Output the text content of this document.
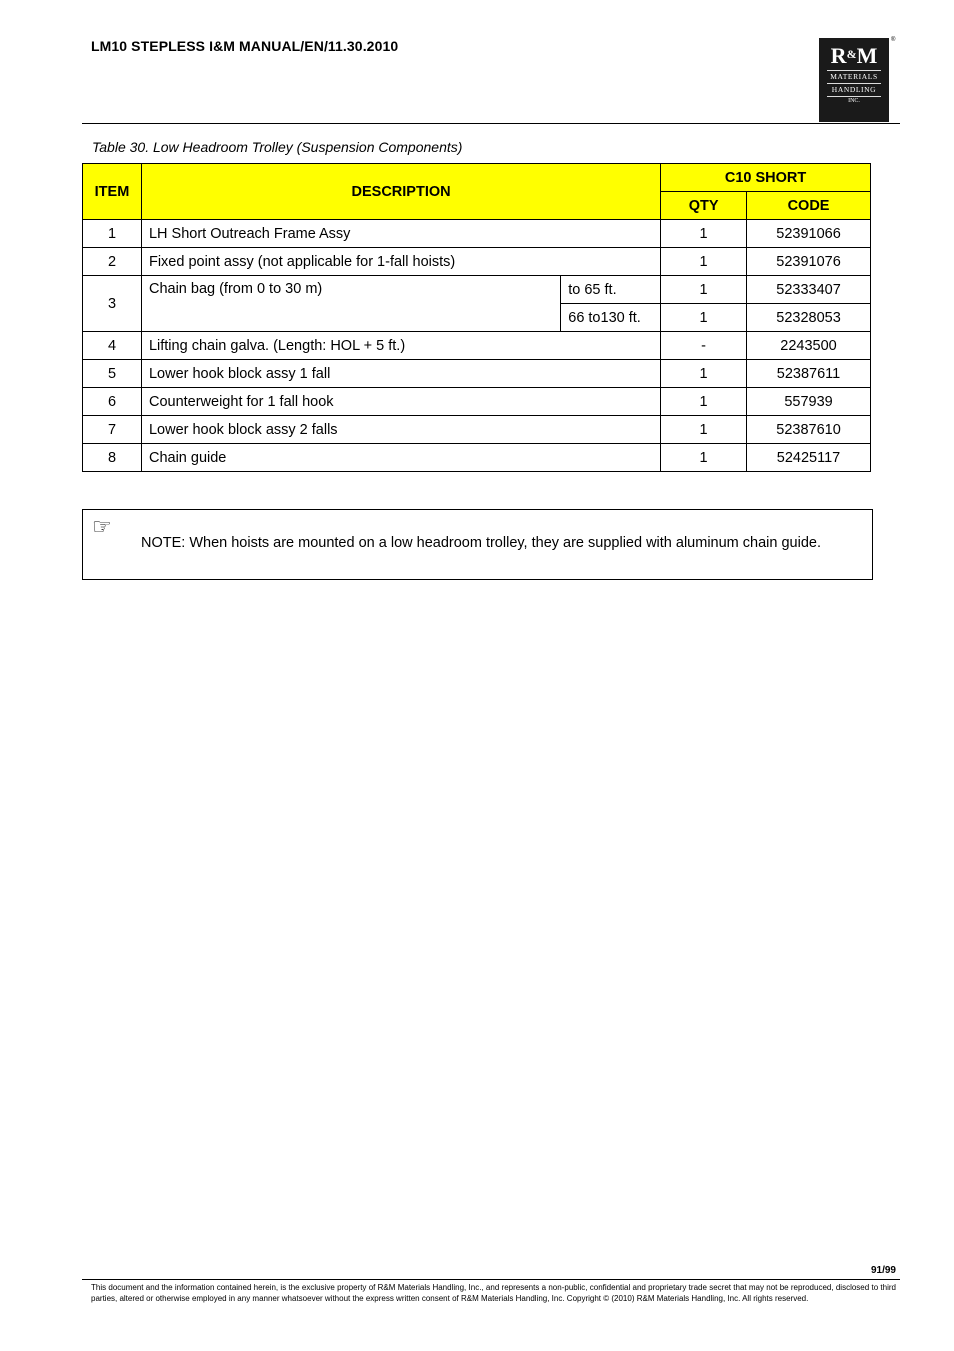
LM10 STEPLESS I&M MANUAL/EN/11.30.2010	R&M
MATERIALS
HANDLING
INC.
®
Table 30. Low Headroom Trolley (Suspension Components)
ITEM	DESCRIPTION		C10 SHORT	
			QTY	CODE
1	LH Short Outreach Frame Assy		1	52391066
2	Fixed point assy (not applicable for 1-fall hoists)		1	52391076
3	Chain bag (from 0 to 30 m)	to 65 ft.	1	52333407
		66 to130 ft.	1	52328053
4	Lifting chain galva. (Length: HOL + 5 ft.)		-	2243500
5	Lower hook block assy 1 fall		1	52387611
6	Counterweight for 1 fall hook		1	557939
7	Lower hook block assy 2 falls		1	52387610
8	Chain guide		1	52425117
☞
NOTE: When hoists are mounted on a low headroom trolley, they are supplied with aluminum chain guide.
91/99
This document and the information contained herein, is the exclusive property of R&M Materials Handling, Inc., and represents a non-public, confidential and proprietary trade secret that may not be reproduced, disclosed to third parties, altered or otherwise employed in any manner whatsoever without the express written consent of R&M Materials Handling, Inc. Copyright © (2010) R&M Materials Handling, Inc. All rights reserved.
